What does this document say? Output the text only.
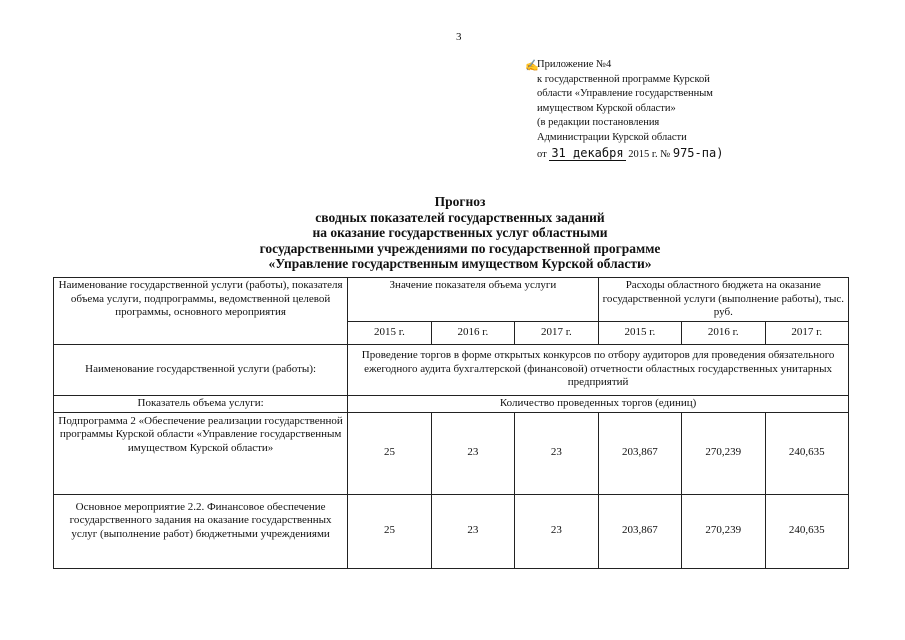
3
✍
Приложение №4
к государственной программе Курской
области «Управление государственным
имуществом Курской области»
(в редакции постановления
Администрации Курской области
от 31 декабря 2015 г. № 975-па)
Прогноз
сводных показателей государственных заданий
на оказание государственных услуг областными
государственными учреждениями по государственной программе
«Управление государственным имуществом Курской области»
Наименование государственной услуги (работы), показателя объема услуги, подпрограммы, ведомственной целевой программы, основного мероприятия	Значение показателя объема услуги			Расходы областного бюджета на оказание государственной услуги (выполнение работы), тыс. руб.		
	2015 г.	2016 г.	2017 г.	2015 г.	2016 г.	2017 г.
Наименование государственной услуги (работы):	Проведение торгов в форме открытых конкурсов по отбору аудиторов для проведения обязательного ежегодного аудита бухгалтерской (финансовой) отчетности областных государственных унитарных предприятий					
Показатель объема услуги:	Количество проведенных торгов (единиц)					
Подпрограмма 2 «Обеспечение реализации государственной программы Курской области «Управление государственным имуществом Курской области»	25	23	23	203,867	270,239	240,635
Основное мероприятие 2.2. Финансовое обеспечение государственного задания на оказание государственных услуг (выполнение работ) бюджетными учреждениями	25	23	23	203,867	270,239	240,635
